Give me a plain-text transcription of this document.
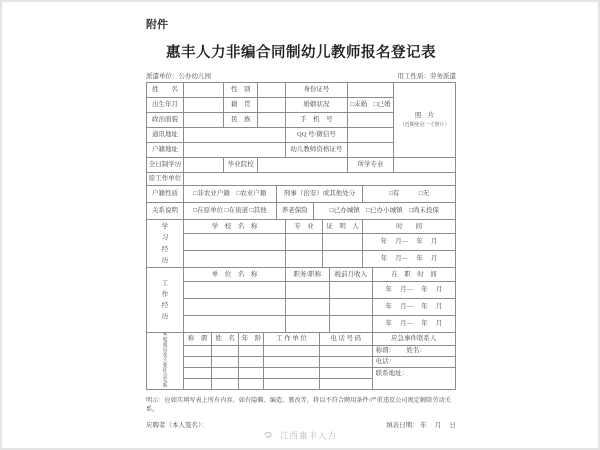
附件
惠丰人力非编合同制幼儿教师报名登记表
派遣单位：公办幼儿园	用工性质：劳务派遣
姓　　名	性　别	身份证号
出生年月	籍　贯	婚姻状况	□未婚　□已婚
政治面貌	民　族	手　机　号
通讯地址	QQ 号/微信号
户籍地址	幼儿教师资格证号
照　片
（近期免冠一寸照片）
全日制学历	毕业院校	所学专业
原工作单位
户籍性质 □非农业户籍　□农业户籍	刑事（治安）或其他处分	□有　　　□无
关系说明 □在原单位 □在街道 □其他 养老保险	□已办城镇　□已办小城镇　□尚未投保
学习经历
学　校　名　称	专　业 证　明　人	时　　间
年　 月—　 年　 月
年　 月—　 年　 月
工作经历
单　位　名　称	职务/职称 税前月收入	在　职　时　间
年　 月—　 年　 月
年　 月—　 年　 月
年　 月—　 年　 月
家庭成员及主要社会关系
称　谓 姓　名 年　龄 工 作 单 位	电 话 号 码	应急事件联系人
称谓：　　 姓名：
电话：
联系地址：
明示：应如实填写表上所有内容。如有隐瞒、编造、篡改等，将以不符合聘用条件/严重违反公司规定解除劳动关系。
应聘者（本人签名）：	填表日期： 年　 月　 日
江西惠丰人力
